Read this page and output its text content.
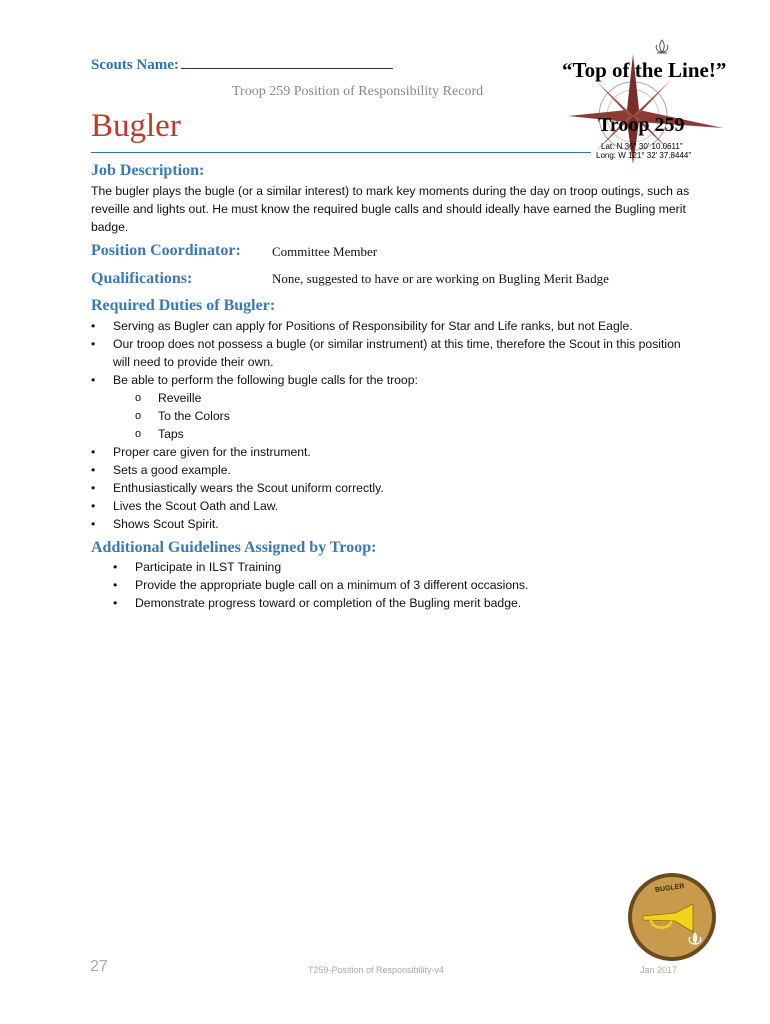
Scouts Name:
Troop 259 Position of Responsibility Record
Bugler
“Top of the Line!”
Troop 259
Lat: N 36° 30' 10.0611"
Long: W 121° 32' 37.8444"
Job Description:
The bugler plays the bugle (or a similar interest) to mark key moments during the day on troop outings, such as reveille and lights out. He must know the required bugle calls and should ideally have earned the Bugling merit badge.
Position Coordinator: Committee Member
Qualifications:	None, suggested to have or are working on Bugling Merit Badge
Required Duties of Bugler:
• Serving as Bugler can apply for Positions of Responsibility for Star and Life ranks, but not Eagle.
• Our troop does not possess a bugle (or similar instrument) at this time, therefore the Scout in this position will need to provide their own.
• Be able to perform the following bugle calls for the troop:
o Reveille
o To the Colors
o Taps
• Proper care given for the instrument.
• Sets a good example.
• Enthusiastically wears the Scout uniform correctly.
• Lives the Scout Oath and Law.
• Shows Scout Spirit.
Additional Guidelines Assigned by Troop:
• Participate in ILST Training
• Provide the appropriate bugle call on a minimum of 3 different occasions.
• Demonstrate progress toward or completion of the Bugling merit badge.
BUGLER
27	T259-Position of Responsibility-v4	Jan 2017
